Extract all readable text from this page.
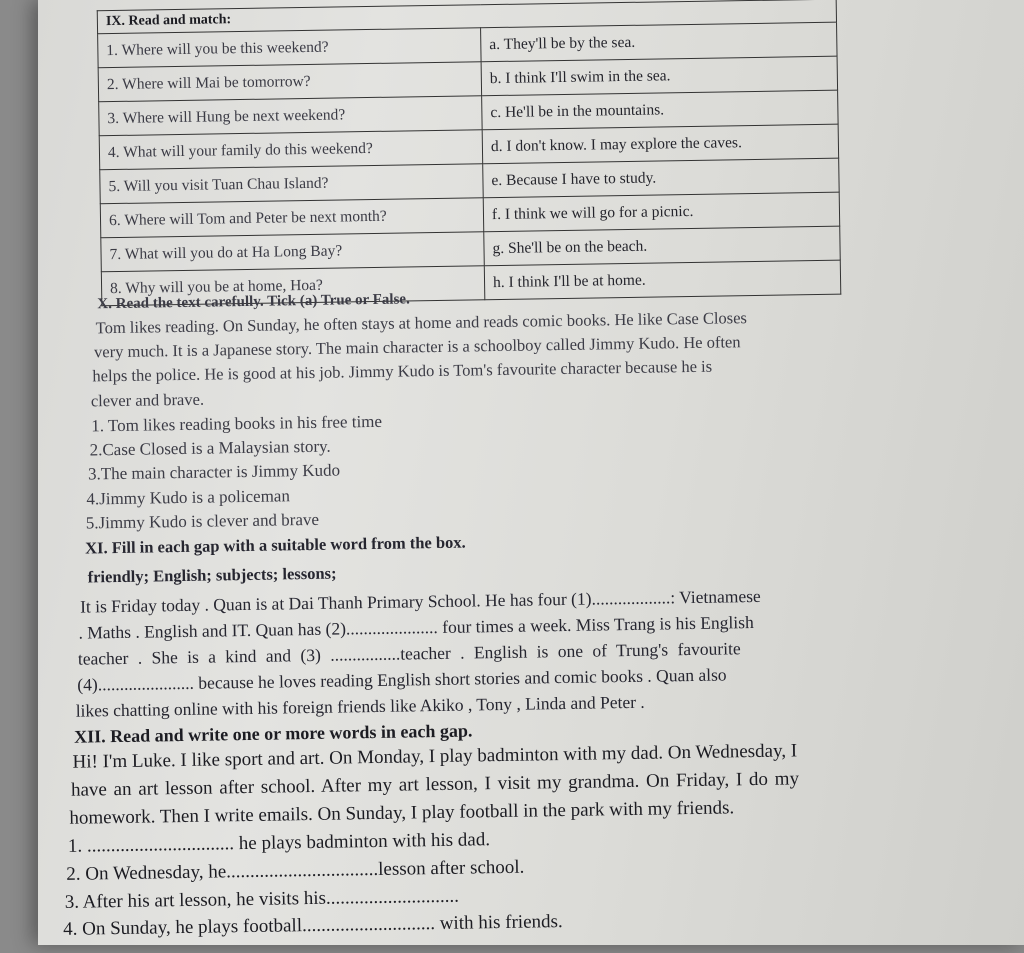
IX. Read and match:	
1. Where will you be this weekend?	a. They'll be by the sea.
2. Where will Mai be tomorrow?	b. I think I'll swim in the sea.
3. Where will Hung be next weekend?	c. He'll be in the mountains.
4. What will your family do this weekend?	d. I don't know. I may explore the caves.
5. Will you visit Tuan Chau Island?	e. Because I have to study.
6. Where will Tom and Peter be next month?	f. I think we will go for a picnic.
7. What will you do at Ha Long Bay?	g. She'll be on the beach.
8. Why will you be at home, Hoa?	h. I think I'll be at home.
X. Read the text carefully. Tick (a) True or False.
Tom likes reading. On Sunday, he often stays at home and reads comic books. He like Case Closes
very much. It is a Japanese story. The main character is a schoolboy called Jimmy Kudo. He often
helps the police. He is good at his job. Jimmy Kudo is Tom's favourite character because he is
clever and brave.
1. Tom likes reading books in his free time
2.Case Closed is a Malaysian story.
3.The main character is Jimmy Kudo
4.Jimmy Kudo is a policeman
5.Jimmy Kudo is clever and brave
XI. Fill in each gap with a suitable word from the box.
friendly; English; subjects; lessons;
It is Friday today . Quan is at Dai Thanh Primary School. He has four (1)..................: Vietnamese
. Maths . English and IT. Quan has (2)..................... four times a week. Miss Trang is his English
teacher . She is a kind and (3) ................teacher . English is one of Trung's favourite
(4)...................... because he loves reading English short stories and comic books . Quan also
likes chatting online with his foreign friends like Akiko , Tony , Linda and Peter .
XII. Read and write one or more words in each gap.
Hi! I'm Luke. I like sport and art. On Monday, I play badminton with my dad. On Wednesday, I
have an art lesson after school. After my art lesson, I visit my grandma. On Friday, I do my
homework. Then I write emails. On Sunday, I play football in the park with my friends.
1. ............................... he plays badminton with his dad.
2. On Wednesday, he................................lesson after school.
3. After his art lesson, he visits his............................
4. On Sunday, he plays football............................ with his friends.
